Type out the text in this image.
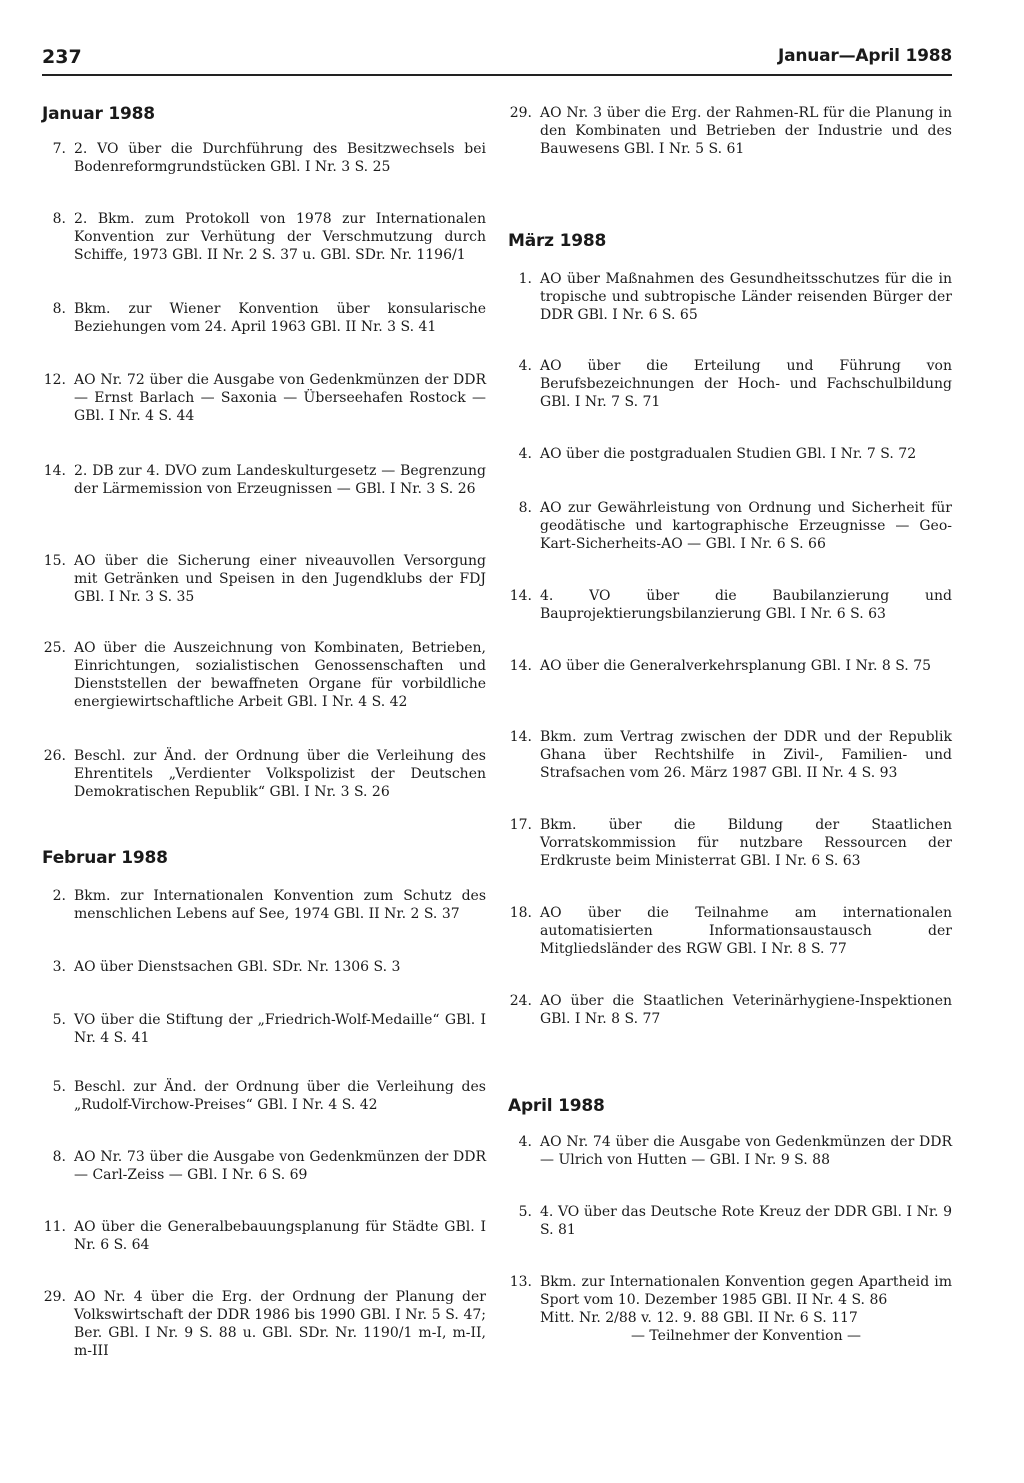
237	Januar—April 1988
Januar 1988
7. 2. VO über die Durchführung des Besitzwechsels bei Bodenreformgrundstücken GBl. I Nr. 3 S. 25
8. 2. Bkm. zum Protokoll von 1978 zur Internationalen Konvention zur Verhütung der Verschmutzung durch Schiffe, 1973 GBl. II Nr. 2 S. 37 u. GBl. SDr. Nr. 1196/1
8. Bkm. zur Wiener Konvention über konsularische Beziehungen vom 24. April 1963 GBl. II Nr. 3 S. 41
12. AO Nr. 72 über die Ausgabe von Gedenkmünzen der DDR — Ernst Barlach — Saxonia — Überseehafen Rostock — GBl. I Nr. 4 S. 44
14. 2. DB zur 4. DVO zum Landeskulturgesetz — Begrenzung der Lärmemission von Erzeugnissen — GBl. I Nr. 3 S. 26
15. AO über die Sicherung einer niveauvollen Versorgung mit Getränken und Speisen in den Jugendklubs der FDJ GBl. I Nr. 3 S. 35
25. AO über die Auszeichnung von Kombinaten, Betrieben, Einrichtungen, sozialistischen Genossenschaften und Dienststellen der bewaffneten Organe für vorbildliche energiewirtschaftliche Arbeit GBl. I Nr. 4 S. 42
26. Beschl. zur Änd. der Ordnung über die Verleihung des Ehrentitels „Verdienter Volkspolizist der Deutschen Demokratischen Republik“ GBl. I Nr. 3 S. 26
Februar 1988
2. Bkm. zur Internationalen Konvention zum Schutz des menschlichen Lebens auf See, 1974 GBl. II Nr. 2 S. 37
3. AO über Dienstsachen GBl. SDr. Nr. 1306 S. 3
5. VO über die Stiftung der „Friedrich-Wolf-Medaille“ GBl. I Nr. 4 S. 41
5. Beschl. zur Änd. der Ordnung über die Verleihung des „Rudolf-Virchow-Preises“ GBl. I Nr. 4 S. 42
8. AO Nr. 73 über die Ausgabe von Gedenkmünzen der DDR — Carl-Zeiss — GBl. I Nr. 6 S. 69
11. AO über die Generalbebauungsplanung für Städte GBl. I Nr. 6 S. 64
29. AO Nr. 4 über die Erg. der Ordnung der Planung der Volkswirtschaft der DDR 1986 bis 1990 GBl. I Nr. 5 S. 47; Ber. GBl. I Nr. 9 S. 88 u. GBl. SDr. Nr. 1190/1 m-I, m-II, m-III
29. AO Nr. 3 über die Erg. der Rahmen-RL für die Planung in den Kombinaten und Betrieben der Industrie und des Bauwesens GBl. I Nr. 5 S. 61
März 1988
1. AO über Maßnahmen des Gesundheitsschutzes für die in tropische und subtropische Länder reisenden Bürger der DDR GBl. I Nr. 6 S. 65
4. AO über die Erteilung und Führung von Berufsbezeichnungen der Hoch- und Fachschulbildung GBl. I Nr. 7 S. 71
4. AO über die postgradualen Studien GBl. I Nr. 7 S. 72
8. AO zur Gewährleistung von Ordnung und Sicherheit für geodätische und kartographische Erzeugnisse — Geo-Kart-Sicherheits-AO — GBl. I Nr. 6 S. 66
14. 4. VO über die Baubilanzierung und Bauprojektierungsbilanzierung GBl. I Nr. 6 S. 63
14. AO über die Generalverkehrsplanung GBl. I Nr. 8 S. 75
14. Bkm. zum Vertrag zwischen der DDR und der Republik Ghana über Rechtshilfe in Zivil-, Familien- und Strafsachen vom 26. März 1987 GBl. II Nr. 4 S. 93
17. Bkm. über die Bildung der Staatlichen Vorratskommission für nutzbare Ressourcen der Erdkruste beim Ministerrat GBl. I Nr. 6 S. 63
18. AO über die Teilnahme am internationalen automatisierten Informationsaustausch der Mitgliedsländer des RGW GBl. I Nr. 8 S. 77
24. AO über die Staatlichen Veterinärhygiene-Inspektionen GBl. I Nr. 8 S. 77
April 1988
4. AO Nr. 74 über die Ausgabe von Gedenkmünzen der DDR — Ulrich von Hutten — GBl. I Nr. 9 S. 88
5. 4. VO über das Deutsche Rote Kreuz der DDR GBl. I Nr. 9 S. 81
13. Bkm. zur Internationalen Konvention gegen Apartheid im Sport vom 10. Dezember 1985 GBl. II Nr. 4 S. 86
Mitt. Nr. 2/88 v. 12. 9. 88 GBl. II Nr. 6 S. 117
— Teilnehmer der Konvention —
